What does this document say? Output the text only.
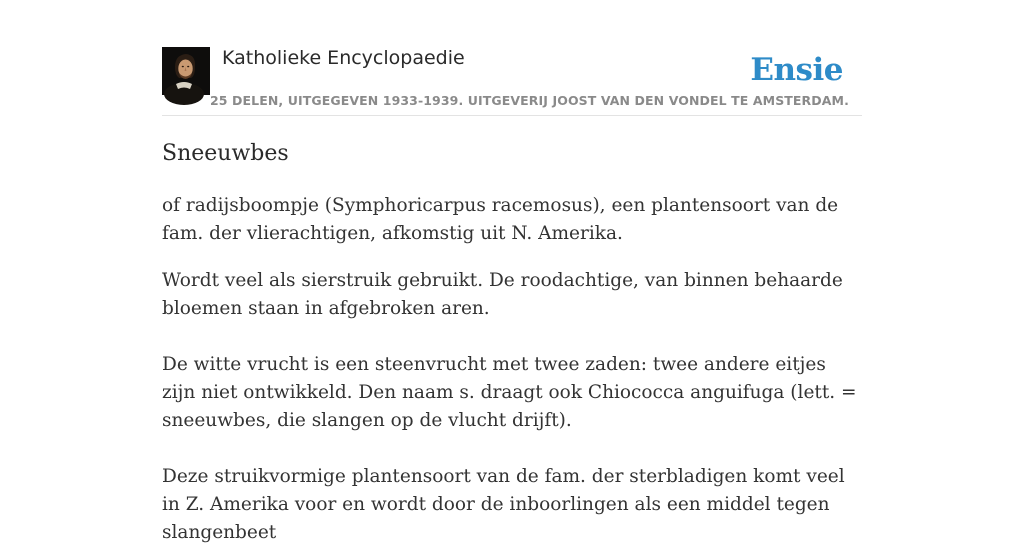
Katholieke Encyclopaedie
25 DELEN, UITGEGEVEN 1933-1939. UITGEVERIJ JOOST VAN DEN VONDEL TE AMSTERDAM.
Ensie
Sneeuwbes

of radijsboompje (Symphoricarpus racemosus), een plantensoort van de fam. der vlierachtigen, afkomstig uit N. Amerika.

Wordt veel als sierstruik gebruikt. De roodachtige, van binnen behaarde bloemen staan in afgebroken aren.

De witte vrucht is een steenvrucht met twee zaden: twee andere eitjes zijn niet ontwikkeld. Den naam s. draagt ook Chiococca anguifuga (lett. = sneeuwbes, die slangen op de vlucht drijft).

Deze struikvormige plantensoort van de fam. der sterbladigen komt veel in Z. Amerika voor en wordt door de inboorlingen als een middel tegen slangenbeet
